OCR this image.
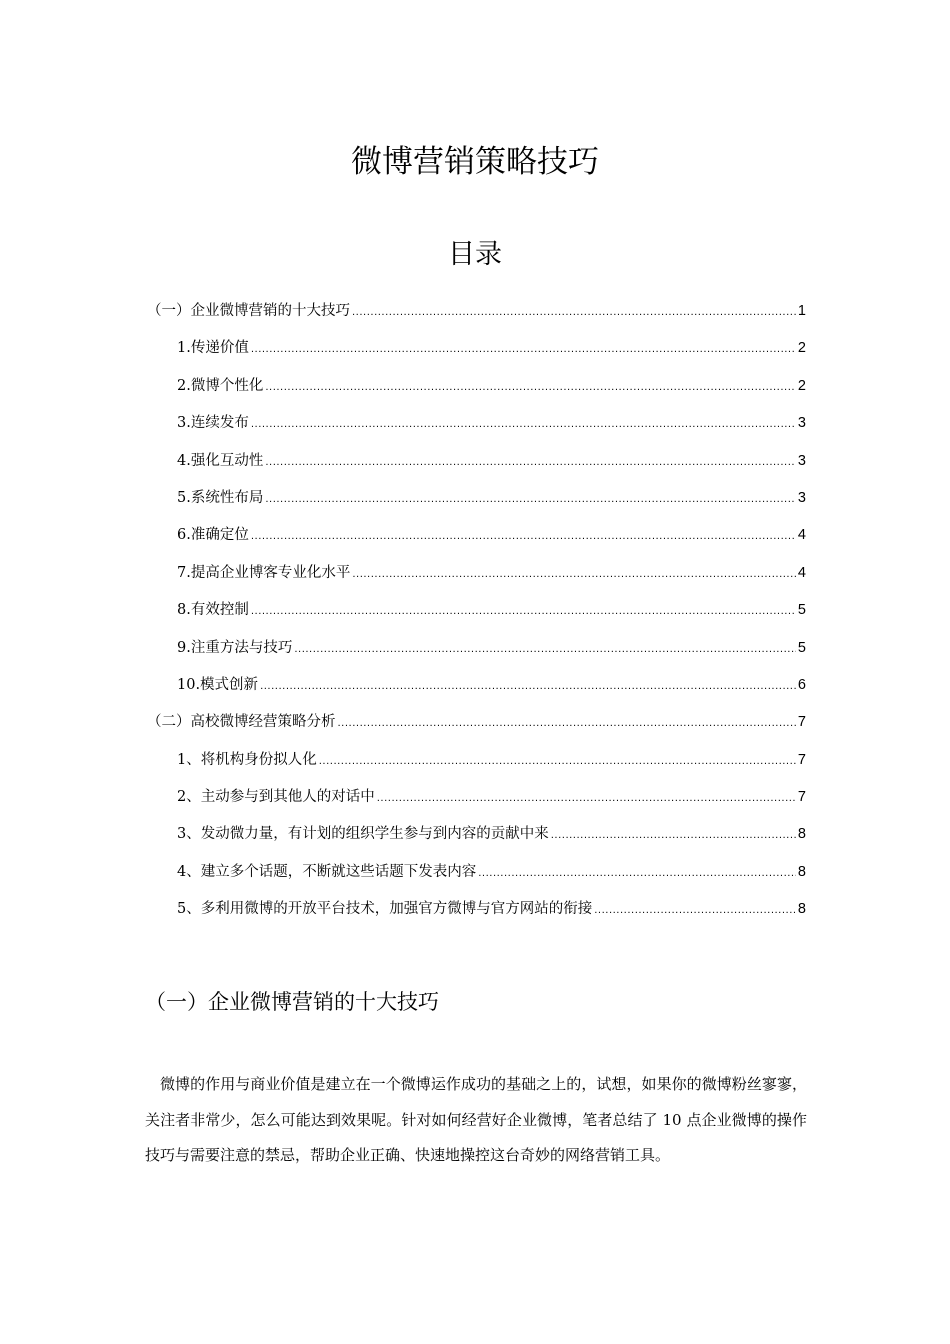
微博营销策略技巧
目录
（一）企业微博营销的十大技巧 .....	1
1.传递价值 .....	2
2.微博个性化 .....	2
3.连续发布 .....	3
4.强化互动性 .....	3
5.系统性布局 .....	3
6.准确定位 .....	4
7.提高企业博客专业化水平 .....	4
8.有效控制 .....	5
9.注重方法与技巧 .....	5
10.模式创新 .....	6
（二）高校微博经营策略分析 .....	7
1、将机构身份拟人化 .....	7
2、主动参与到其他人的对话中 .....	7
3、发动微力量，有计划的组织学生参与到内容的贡献中来 .....	8
4、建立多个话题，不断就这些话题下发表内容 .....	8
5、多利用微博的开放平台技术，加强官方微博与官方网站的衔接 .....	8
（一）企业微博营销的十大技巧

微博的作用与商业价值是建立在一个微博运作成功的基础之上的，试想，如果你的微博粉丝寥寥，关注者非常少，怎么可能达到效果呢。针对如何经营好企业微博，笔者总结了 10 点企业微博的操作技巧与需要注意的禁忌，帮助企业正确、快速地操控这台奇妙的网络营销工具。
